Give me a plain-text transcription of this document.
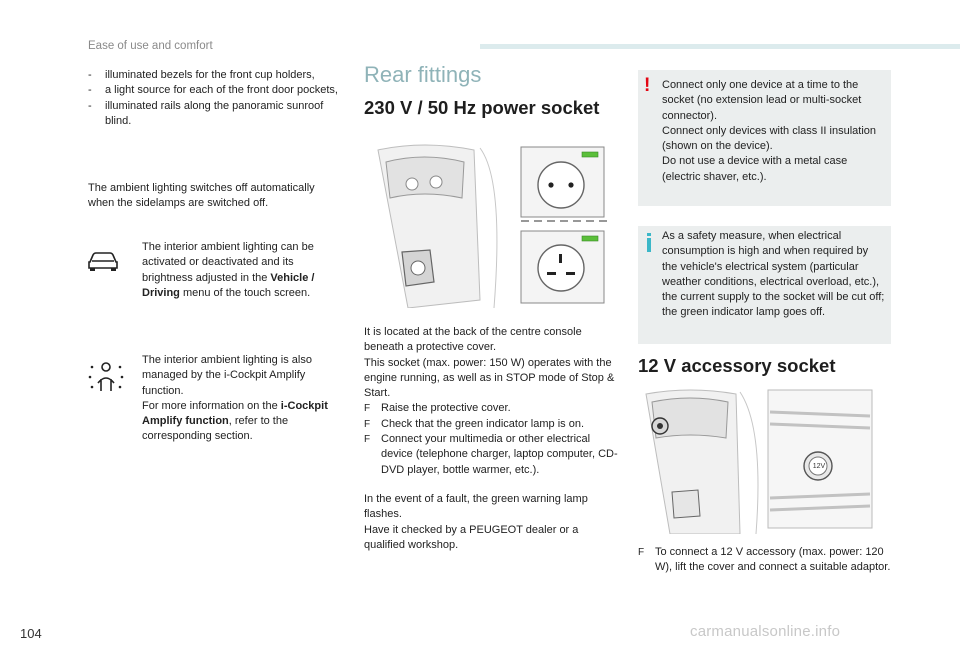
Ease of use and comfort
- illuminated bezels for the front cup holders,
- a light source for each of the front door pockets,
- illuminated rails along the panoramic sunroof blind.

The ambient lighting switches off automatically when the sidelamps are switched off.

The interior ambient lighting can be activated or deactivated and its brightness adjusted in the Vehicle / Driving menu of the touch screen.

The interior ambient lighting is also managed by the i-Cockpit Amplify function.

For more information on the i-Cockpit Amplify function, refer to the corresponding section.

Rear fittings
230 V / 50 Hz power socket

It is located at the back of the centre console beneath a protective cover.

This socket (max. power: 150 W) operates with the engine running, as well as in STOP mode of Stop & Start.

F Raise the protective cover.
F Check that the green indicator lamp is on.
F Connect your multimedia or other electrical device (telephone charger, laptop computer, CD-DVD player, bottle warmer, etc.).

In the event of a fault, the green warning lamp flashes.

Have it checked by a PEUGEOT dealer or a qualified workshop.

! Connect only one device at a time to the socket (no extension lead or multi-socket connector).

Connect only devices with class II insulation (shown on the device).

Do not use a device with a metal case (electric shaver, etc.).

As a safety measure, when electrical consumption is high and when required by the vehicle's electrical system (particular weather conditions, electrical overload, etc.), the current supply to the socket will be cut off; the green indicator lamp goes off.

12 V accessory socket
12V
F To connect a 12 V accessory (max. power: 120 W), lift the cover and connect a suitable adaptor.
104	carmanualsonline.info
